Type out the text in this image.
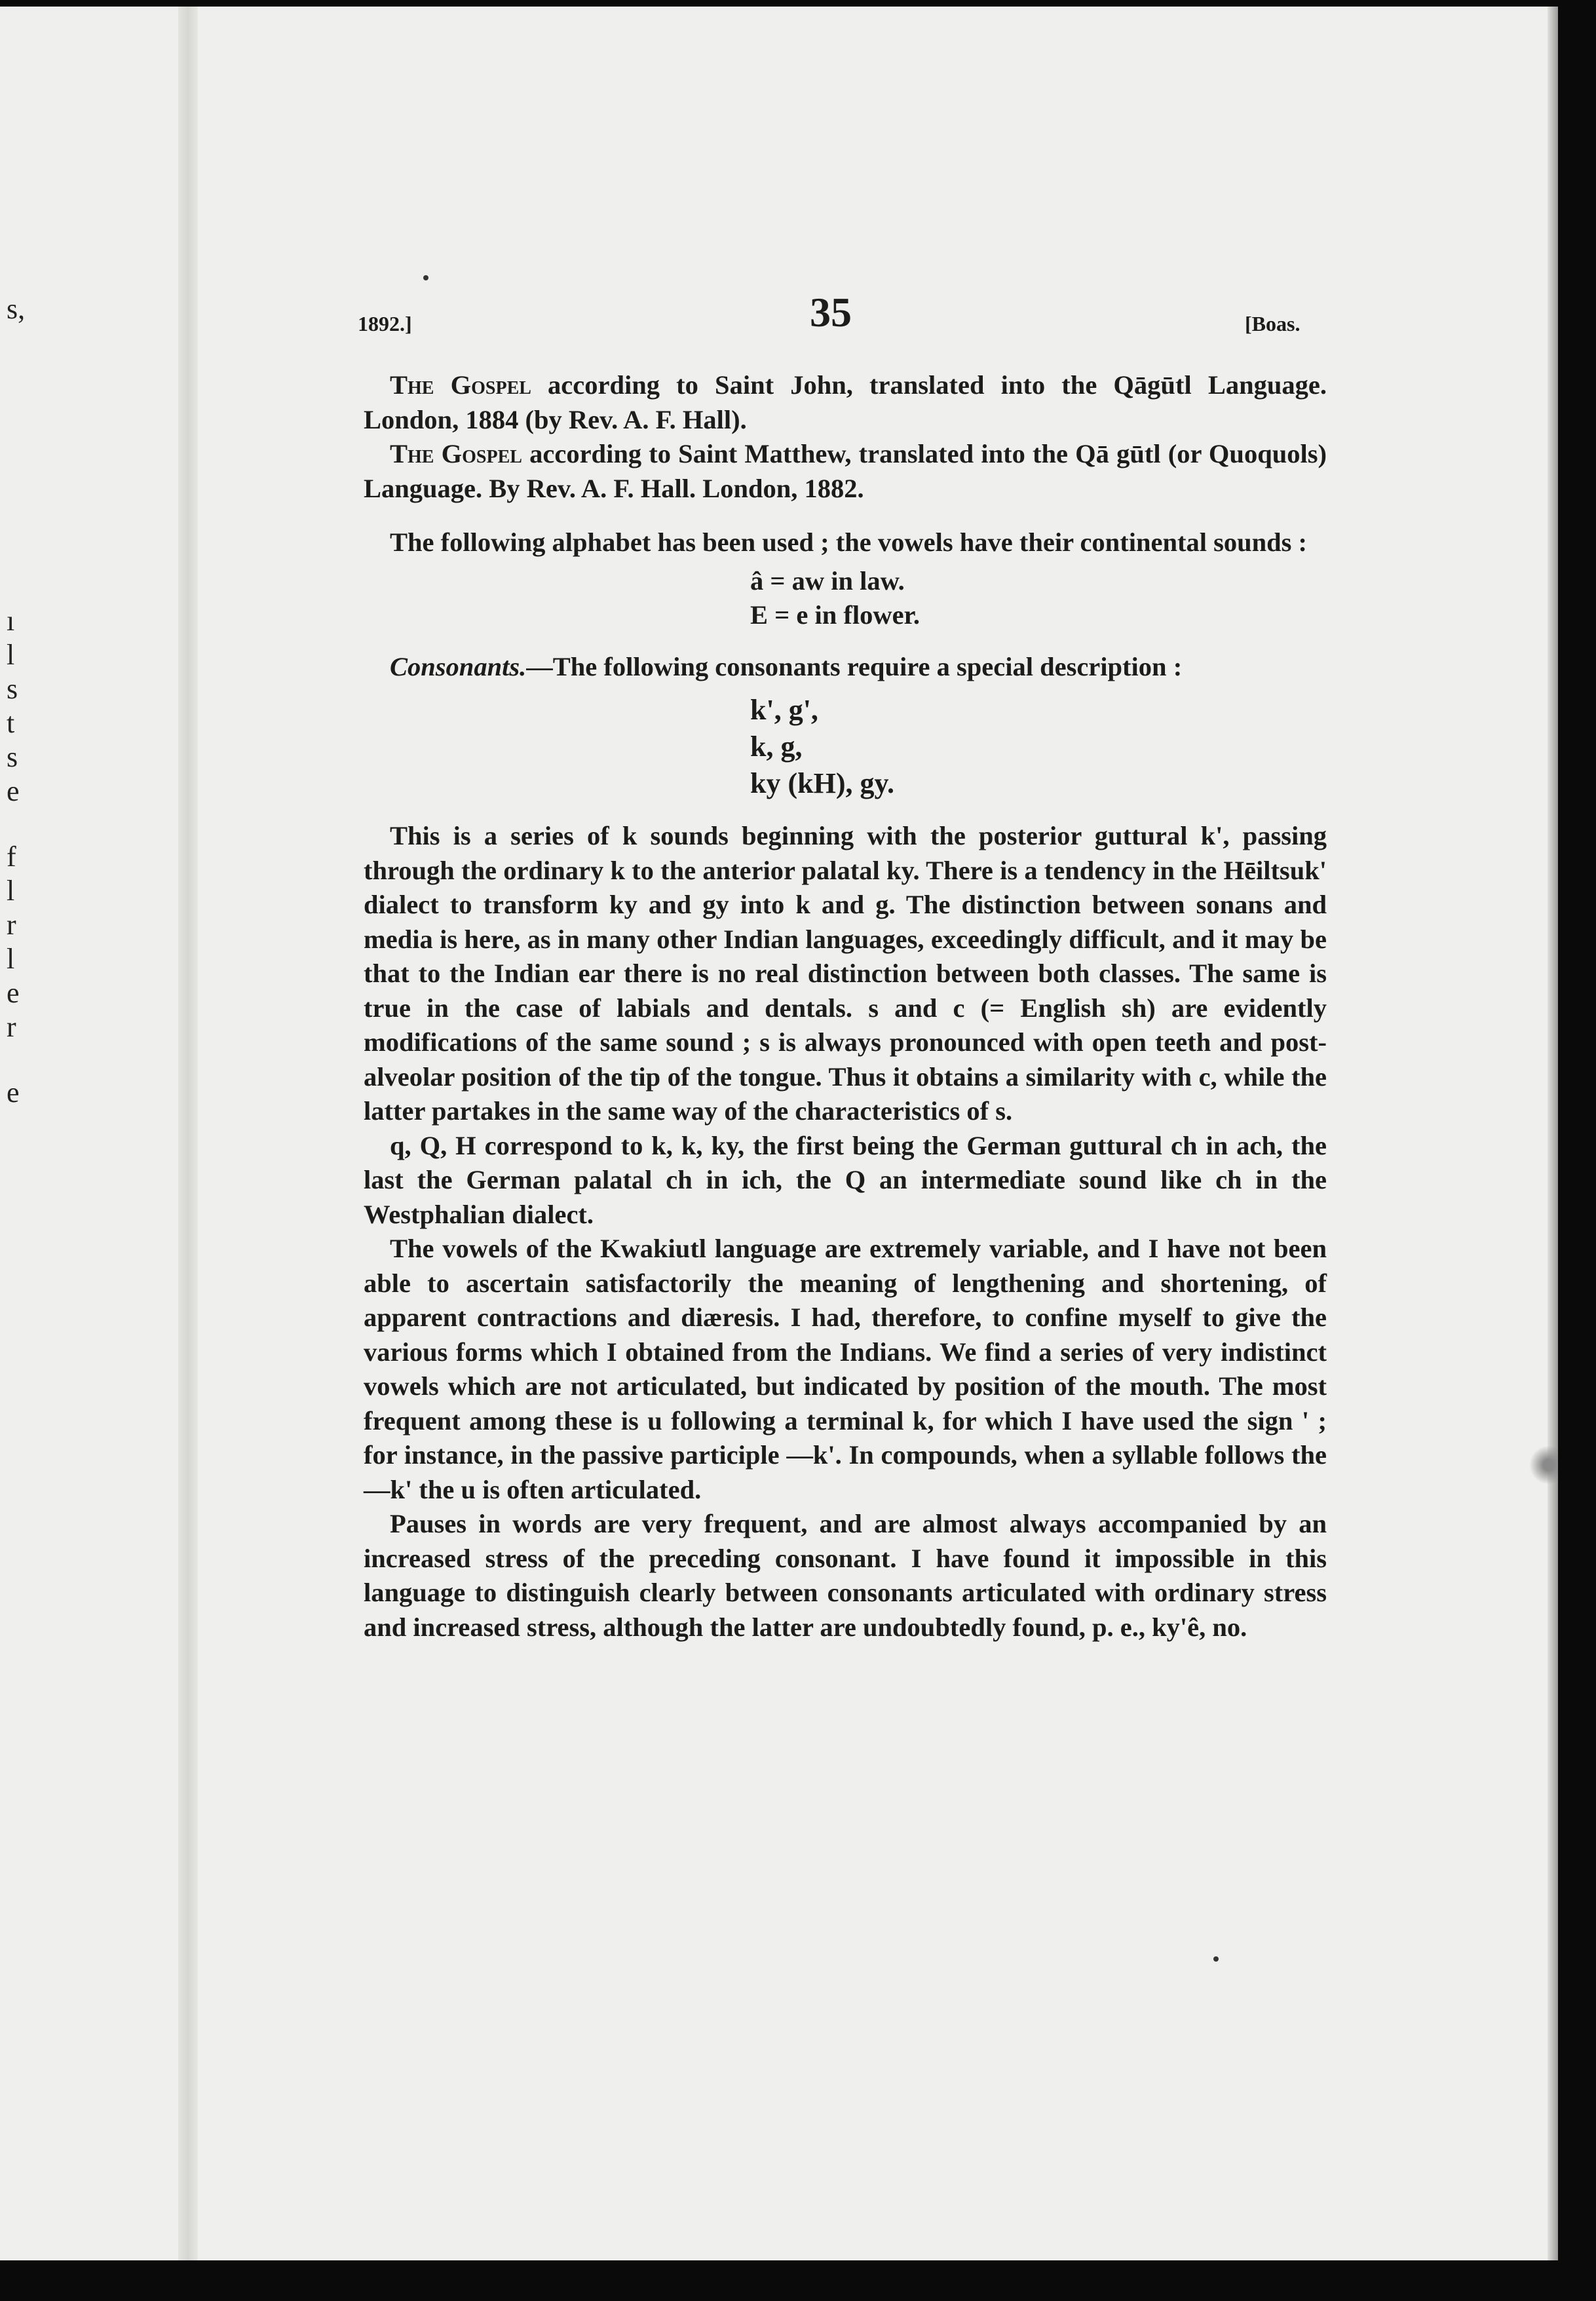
s,
ı
l
s
t
s
e
f
l
r
l
e
r
e
1892.]	35	[Boas.

The Gospel according to Saint John, translated into the Qāgūtl Language. London, 1884 (by Rev. A. F. Hall).

The Gospel according to Saint Matthew, translated into the Qā gūtl (or Quoquols) Language. By Rev. A. F. Hall. London, 1882.

The following alphabet has been used ; the vowels have their continental sounds :

â = aw in law.
E = e in flower.

Consonants.—The following consonants require a special description :

k', g',
k, g,
ky (kH), gy.

This is a series of k sounds beginning with the posterior guttural k', passing through the ordinary k to the anterior palatal ky. There is a tendency in the Hēiltsuk' dialect to transform ky and gy into k and g. The distinction between sonans and media is here, as in many other Indian languages, exceedingly difficult, and it may be that to the Indian ear there is no real distinction between both classes. The same is true in the case of labials and dentals. s and c (= English sh) are evidently modifications of the same sound ; s is always pronounced with open teeth and post-alveolar position of the tip of the tongue. Thus it obtains a similarity with c, while the latter partakes in the same way of the characteristics of s.

q, Q, H correspond to k, k, ky, the first being the German guttural ch in ach, the last the German palatal ch in ich, the Q an intermediate sound like ch in the Westphalian dialect.

The vowels of the Kwakiutl language are extremely variable, and I have not been able to ascertain satisfactorily the meaning of lengthening and shortening, of apparent contractions and diæresis. I had, therefore, to confine myself to give the various forms which I obtained from the Indians. We find a series of very indistinct vowels which are not articulated, but indicated by position of the mouth. The most frequent among these is u following a terminal k, for which I have used the sign ' ; for instance, in the passive participle —k'. In compounds, when a syllable follows the —k' the u is often articulated.

Pauses in words are very frequent, and are almost always accompanied by an increased stress of the preceding consonant. I have found it impossible in this language to distinguish clearly between consonants articulated with ordinary stress and increased stress, although the latter are undoubtedly found, p. e., ky'ê, no.
